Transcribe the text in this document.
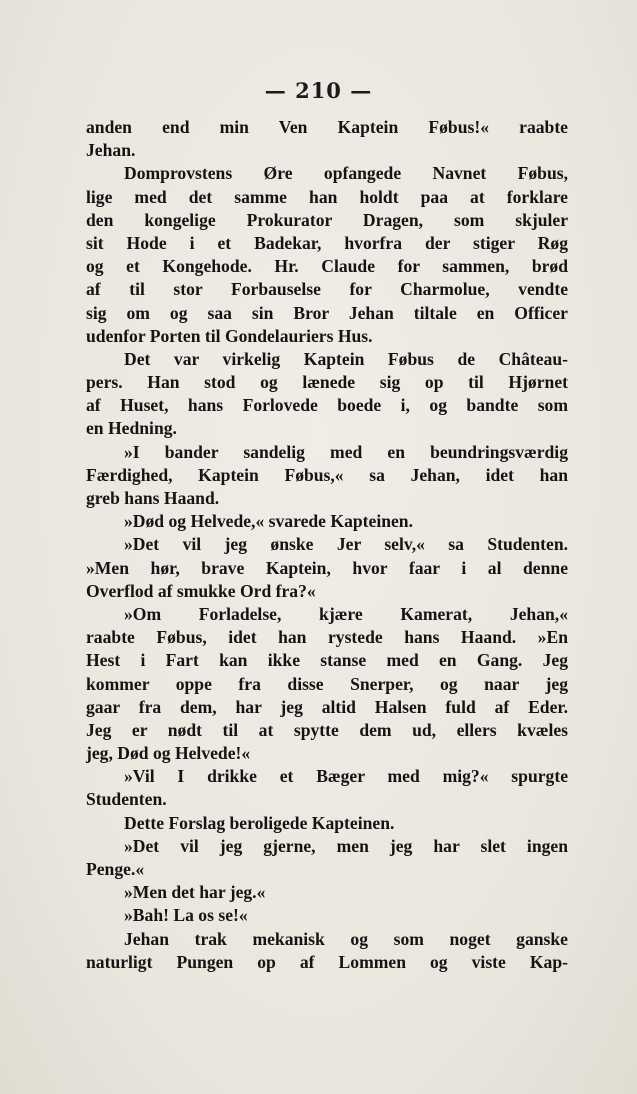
— 210 —
anden end min Ven Kaptein Føbus!« raabte
Jehan.
Domprovstens Øre opfangede Navnet Føbus,
lige med det samme han holdt paa at forklare
den kongelige Prokurator Dragen, som skjuler
sit Hode i et Badekar, hvorfra der stiger Røg
og et Kongehode. Hr. Claude for sammen, brød
af til stor Forbauselse for Charmolue, vendte
sig om og saa sin Bror Jehan tiltale en Officer
udenfor Porten til Gondelauriers Hus.
Det var virkelig Kaptein Føbus de Château-
pers. Han stod og lænede sig op til Hjørnet
af Huset, hans Forlovede boede i, og bandte som
en Hedning.
»I bander sandelig med en beundringsværdig
Færdighed, Kaptein Føbus,« sa Jehan, idet han
greb hans Haand.
»Død og Helvede,« svarede Kapteinen.
»Det vil jeg ønske Jer selv,« sa Studenten.
»Men hør, brave Kaptein, hvor faar i al denne
Overflod af smukke Ord fra?«
»Om Forladelse, kjære Kamerat, Jehan,«
raabte Føbus, idet han rystede hans Haand. »En
Hest i Fart kan ikke stanse med en Gang. Jeg
kommer oppe fra disse Snerper, og naar jeg
gaar fra dem, har jeg altid Halsen fuld af Eder.
Jeg er nødt til at spytte dem ud, ellers kvæles
jeg, Død og Helvede!«
»Vil I drikke et Bæger med mig?« spurgte
Studenten.
Dette Forslag beroligede Kapteinen.
»Det vil jeg gjerne, men jeg har slet ingen
Penge.«
»Men det har jeg.«
»Bah! La os se!«
Jehan trak mekanisk og som noget ganske
naturligt Pungen op af Lommen og viste Kap-
